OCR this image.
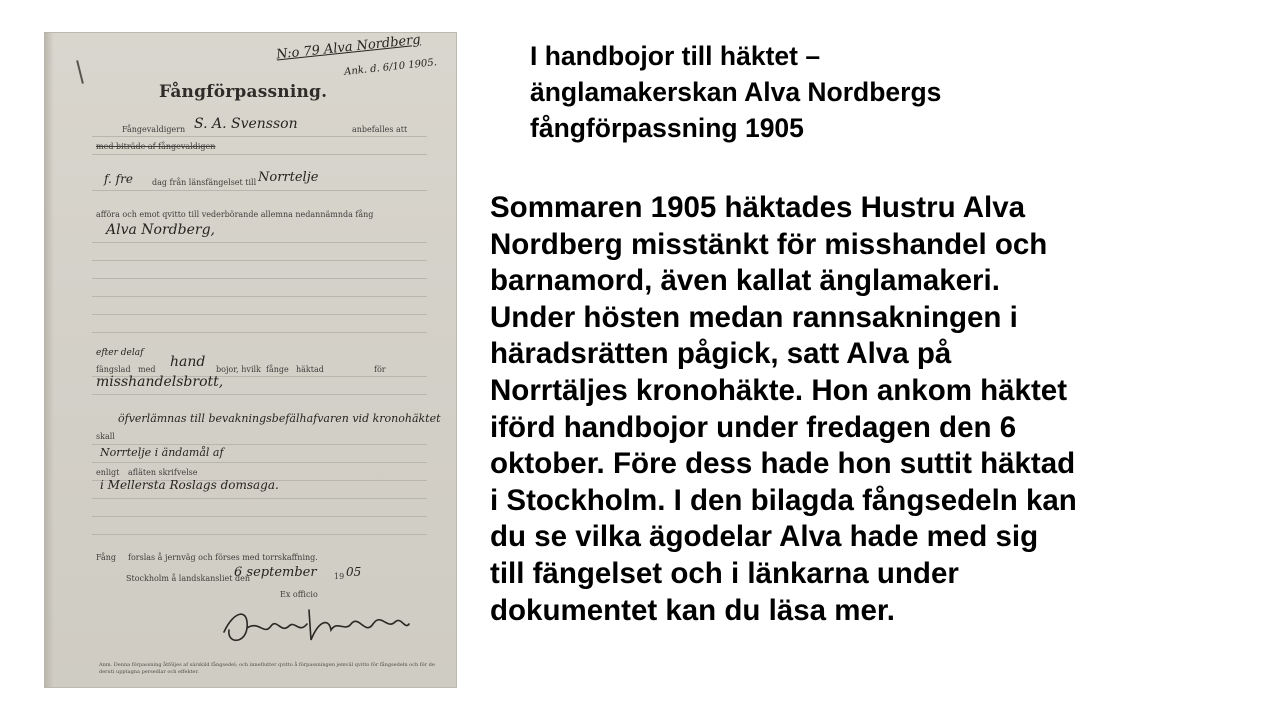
N:o 79 Alva Nordberg
Ank. d. 6/10 1905.
Fångförpassning.
Fångevaldigern S. A. Svensson	anbefalles att
med biträde af fångevaldigen
f. fre dag från länsfängelset till Norrtelje
afföra och emot qvitto till vederbörande allemna nedannämnda fång
Alva Nordberg,
efter delaf
fängslad med hand bojor, hvilk fånge häktad	för
misshandelsbrott,
skall
öfverlämnas till bevakningsbefälhafvaren vid kronohäktet
Norrtelje i ändamål af
enligt afläten skrifvelse
i Mellersta Roslags domsaga.
Fång forslas å jernväg och förses med torrskaffning.
Stockholm å landskansliet den
6 september 19 05
Ex officio
Anm. Denna förpassning åtföljes af särskild fångsedel; och inneflutter qvitto å förpassningen jemväl qvitto för fångsedeln och för de deruti upptagna persedlar och effekter.
I handbojor till häktet –
änglamakerskan Alva Nordbergs
fångförpassning 1905

Sommaren 1905 häktades Hustru Alva
Nordberg misstänkt för misshandel och
barnamord, även kallat änglamakeri.
Under hösten medan rannsakningen i
häradsrätten pågick, satt Alva på
Norrtäljes kronohäkte. Hon ankom häktet
iförd handbojor under fredagen den 6
oktober. Före dess hade hon suttit häktad
i Stockholm. I den bilagda fångsedeln kan
du se vilka ägodelar Alva hade med sig
till fängelset och i länkarna under
dokumentet kan du läsa mer.
